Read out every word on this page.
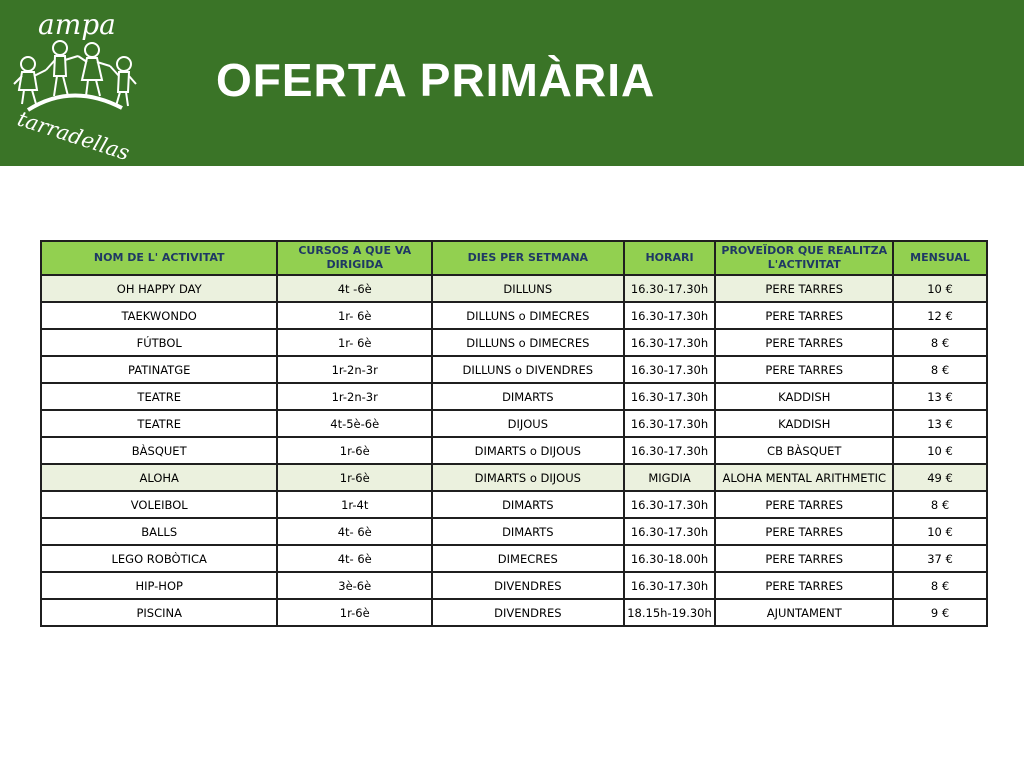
ampa
tarradellas
OFERTA PRIMÀRIA
NOM DE L' ACTIVITAT	CURSOS A QUE VA DIRIGIDA	DIES PER SETMANA	HORARI	PROVEÏDOR QUE REALITZA L'ACTIVITAT	MENSUAL
OH HAPPY DAY	4t -6è	DILLUNS	16.30-17.30h	PERE TARRES	10 €
TAEKWONDO	1r- 6è	DILLUNS o DIMECRES	16.30-17.30h	PERE TARRES	12 €
FÚTBOL	1r- 6è	DILLUNS o DIMECRES	16.30-17.30h	PERE TARRES	8 €
PATINATGE	1r-2n-3r	DILLUNS o DIVENDRES	16.30-17.30h	PERE TARRES	8 €
TEATRE	1r-2n-3r	DIMARTS	16.30-17.30h	KADDISH	13 €
TEATRE	4t-5è-6è	DIJOUS	16.30-17.30h	KADDISH	13 €
BÀSQUET	1r-6è	DIMARTS o DIJOUS	16.30-17.30h	CB BÀSQUET	10 €
ALOHA	1r-6è	DIMARTS o DIJOUS	MIGDIA	ALOHA MENTAL ARITHMETIC	49 €
VOLEIBOL	1r-4t	DIMARTS	16.30-17.30h	PERE TARRES	8 €
BALLS	4t- 6è	DIMARTS	16.30-17.30h	PERE TARRES	10 €
LEGO ROBÒTICA	4t- 6è	DIMECRES	16.30-18.00h	PERE TARRES	37 €
HIP-HOP	3è-6è	DIVENDRES	16.30-17.30h	PERE TARRES	8 €
PISCINA	1r-6è	DIVENDRES	18.15h-19.30h	AJUNTAMENT	9 €
